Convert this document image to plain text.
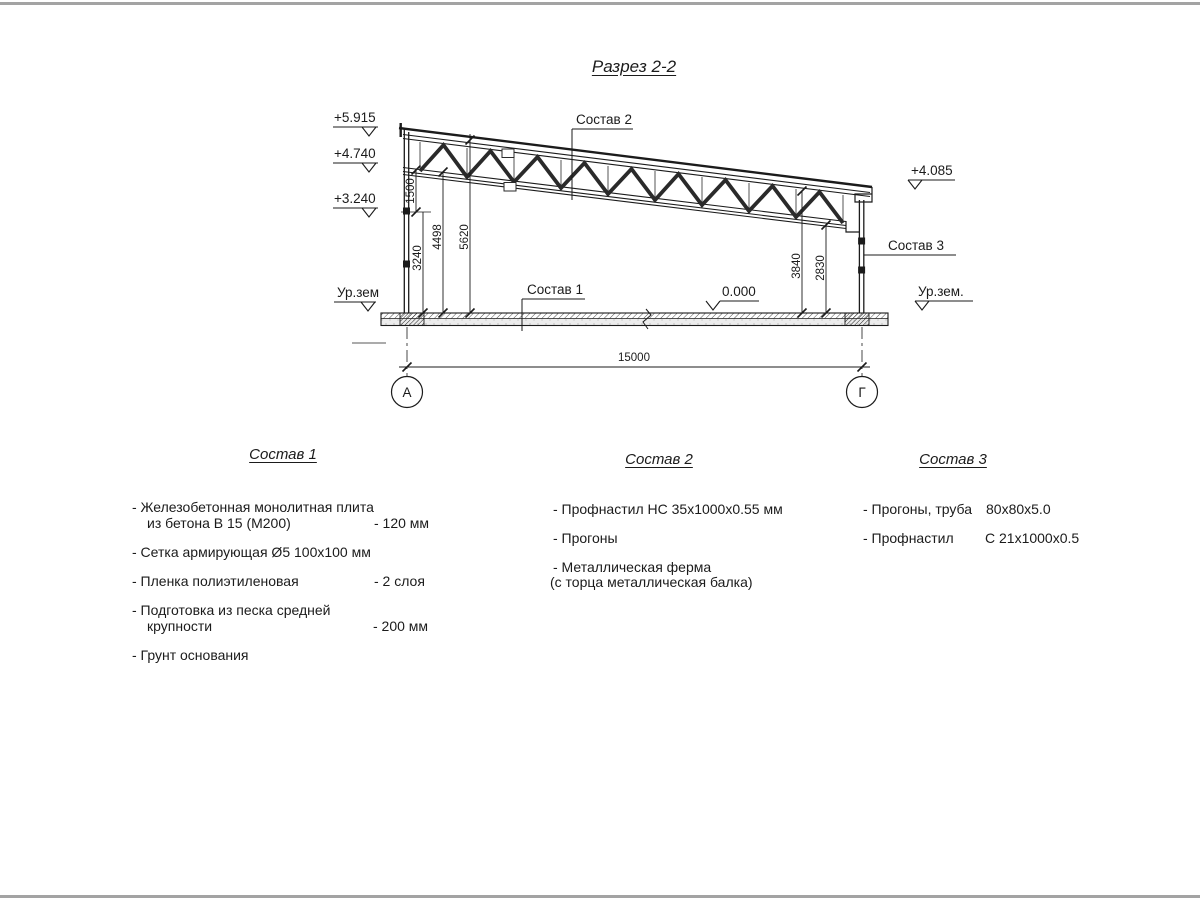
Разрез 2-2
+5.915
+4.740
+3.240
+4.085
Ур.зем	Ур.зем.
0.000
1500
3240
4498 5620
3840 2830
15000
А	Г
Состав 2
Состав 1
Состав 3
Состав 1
- Железобетонная монолитная плита
из бетона В 15 (М200)	- 120 мм
- Сетка армирующая Ø5 100х100 мм
- Пленка полиэтиленовая	- 2 слоя
- Подготовка из песка средней
крупности	- 200 мм
- Грунт основания
Состав 2
- Профнастил НС 35х1000х0.55 мм
- Прогоны
- Металлическая ферма
(с торца металлическая балка)
Состав 3
- Прогоны, труба 80х80х5.0
- Профнастил С 21х1000х0.5
